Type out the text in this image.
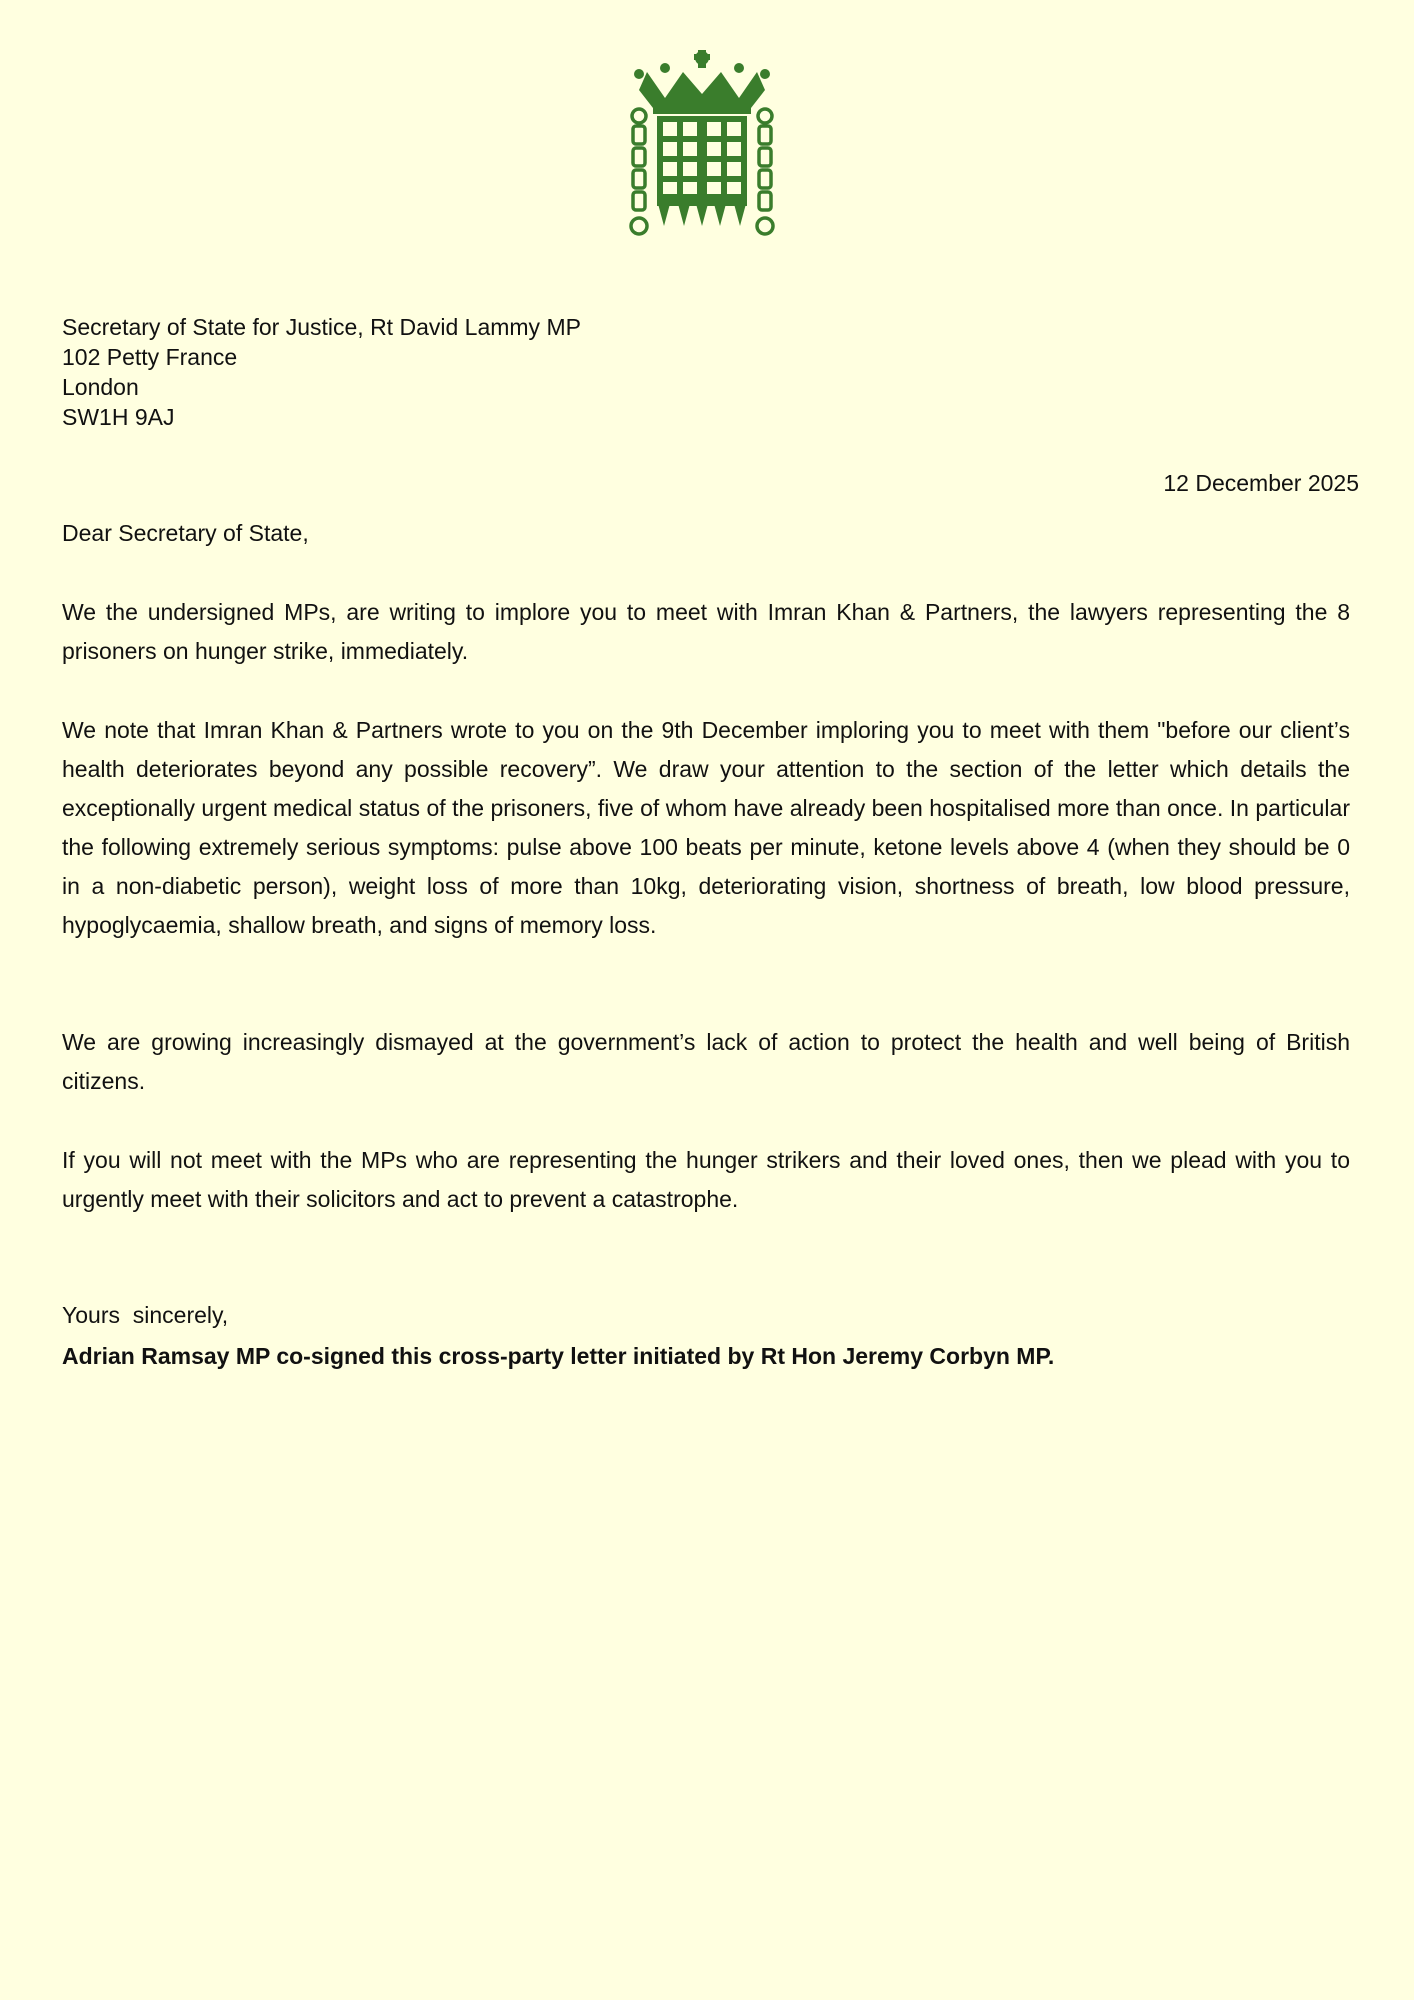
Secretary of State for Justice, Rt David Lammy MP
102 Petty France
London
SW1H 9AJ
12 December 2025
Dear Secretary of State,

We the undersigned MPs, are writing to implore you to meet with Imran Khan & Partners, the lawyers representing the 8 prisoners on hunger strike, immediately.

We note that Imran Khan & Partners wrote to you on the 9th December imploring you to meet with them "before our client’s health deteriorates beyond any possible recovery”. We draw your attention to the section of the letter which details the exceptionally urgent medical status of the prisoners, five of whom have already been hospitalised more than once. In particular the following extremely serious symptoms: pulse above 100 beats per minute, ketone levels above 4 (when they should be 0 in a non-diabetic person), weight loss of more than 10kg, deteriorating vision, shortness of breath, low blood pressure, hypoglycaemia, shallow breath, and signs of memory loss.

We are growing increasingly dismayed at the government’s lack of action to protect the health and well being of British citizens.

If you will not meet with the MPs who are representing the hunger strikers and their loved ones, then we plead with you to urgently meet with their solicitors and act to prevent a catastrophe.

Yours  sincerely,
Adrian Ramsay MP co-signed this cross-party letter initiated by Rt Hon Jeremy Corbyn MP.
